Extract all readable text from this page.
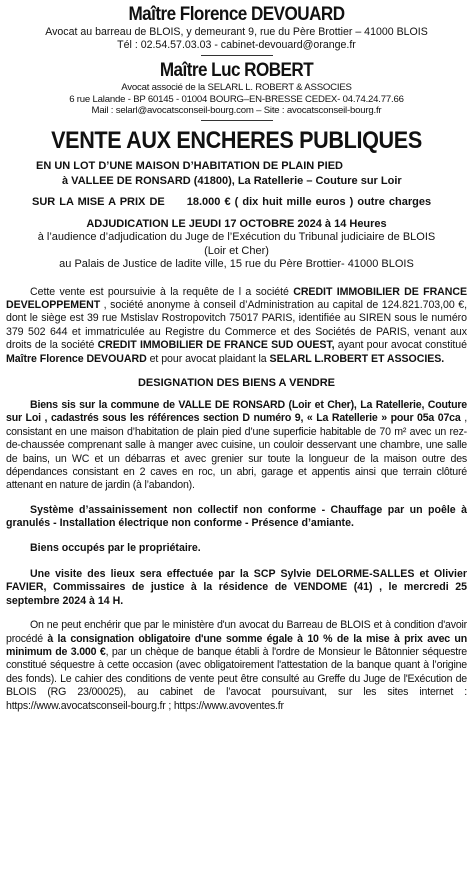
Maître Florence DEVOUARD

Avocat au barreau de BLOIS, y demeurant 9, rue du Père Brottier – 41000 BLOIS

Tél : 02.54.57.03.03 - cabinet-devouard@orange.fr

Maître Luc ROBERT

Avocat associé de la SELARL L. ROBERT & ASSOCIES

6 rue Lalande - BP 60145 - 01004 BOURG–EN-BRESSE CEDEX- 04.74.24.77.66

Mail : selarl@avocatsconseil-bourg.com – Site : avocatsconseil-bourg.fr

VENTE AUX ENCHERES PUBLIQUES

EN UN LOT D’UNE MAISON D’HABITATION DE PLAIN PIED

à VALLEE DE RONSARD (41800), La Ratellerie – Couture sur Loir

SUR LA MISE A PRIX DE 18.000 € ( dix huit mille euros ) outre charges

ADJUDICATION LE JEUDI 17 OCTOBRE 2024 à 14 Heures
à l’audience d’adjudication du Juge de l’Exécution du Tribunal judiciaire de BLOIS
(Loir et Cher)
au Palais de Justice de ladite ville, 15 rue du Père Brottier- 41000 BLOIS

Cette vente est poursuivie à la requête de l a société CREDIT IMMOBILIER DE FRANCE DEVELOPPEMENT , société anonyme à conseil d’Administration au capital de 124.821.703,00 €, dont le siège est 39 rue Mstislav Rostropovitch 75017 PARIS, identifiée au SIREN sous le numéro 379 502 644 et immatriculée au Registre du Commerce et des Sociétés de PARIS, venant aux droits de la société CREDIT IMMOBILIER DE FRANCE SUD OUEST, ayant pour avocat constitué Maître Florence DEVOUARD et pour avocat plaidant la SELARL L.ROBERT ET ASSOCIES.

DESIGNATION DES BIENS A VENDRE

Biens sis sur la commune de VALLE DE RONSARD (Loir et Cher), La Ratellerie, Couture sur Loi , cadastrés sous les références section D numéro 9, « La Ratellerie » pour 05a 07ca , consistant en une maison d’habitation de plain pied d’une superficie habitable de 70 m² avec un rez-de-chaussée comprenant salle à manger avec cuisine, un couloir desservant une chambre, une salle de bains, un WC et un débarras et avec grenier sur toute la longueur de la maison outre des dépendances consistant en 2 caves en roc, un abri, garage et appentis ainsi que terrain clôturé attenant en nature de jardin (à l’abandon).

Système d’assainissement non collectif non conforme - Chauffage par un poêle à granulés - Installation électrique non conforme - Présence d’amiante.

Biens occupés par le propriétaire.

Une visite des lieux sera effectuée par la SCP Sylvie DELORME-SALLES et Olivier FAVIER, Commissaires de justice à la résidence de VENDOME (41) , le mercredi 25 septembre 2024 à 14 H.

On ne peut enchérir que par le ministère d'un avocat du Barreau de BLOIS et à condition d'avoir procédé à la consignation obligatoire d'une somme égale à 10 % de la mise à prix avec un minimum de 3.000 €, par un chèque de banque établi à l'ordre de Monsieur le Bâtonnier séquestre constitué séquestre à cette occasion (avec obligatoirement l'attestation de la banque quant à l’origine des fonds). Le cahier des conditions de vente peut être consulté au Greffe du Juge de l'Exécution de BLOIS (RG 23/00025), au cabinet de l’avocat poursuivant, sur les sites internet : https://www.avocatsconseil-bourg.fr ; https://www.avoventes.fr
